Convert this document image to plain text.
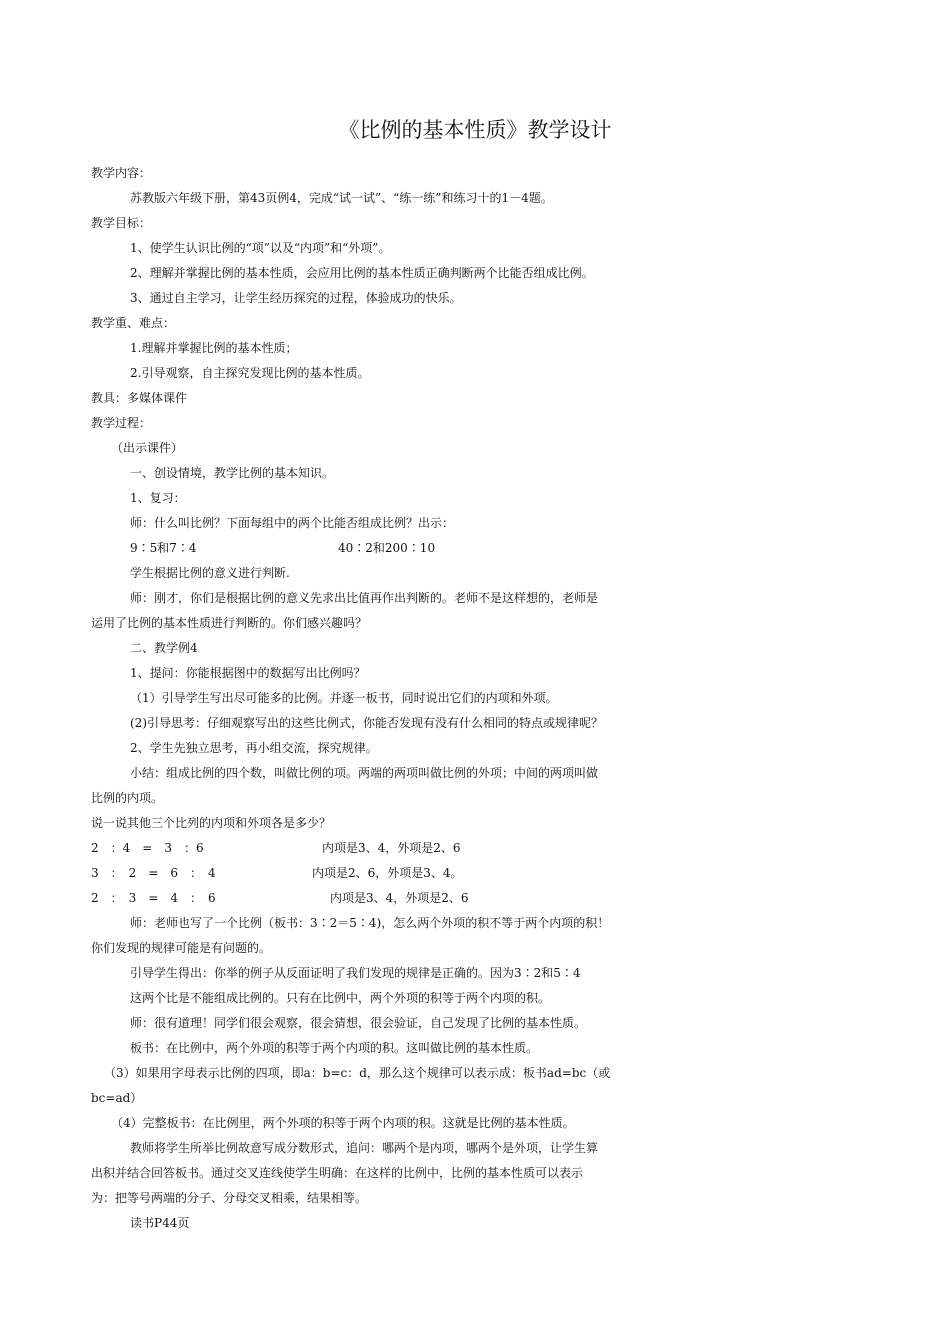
《比例的基本性质》教学设计
教学内容：
苏教版六年级下册，第43页例4，完成“试一试”、“练一练”和练习十的1－4题。
教学目标：
1、使学生认识比例的“项”以及“内项”和“外项”。
2、理解并掌握比例的基本性质，会应用比例的基本性质正确判断两个比能否组成比例。
3、通过自主学习，让学生经历探究的过程，体验成功的快乐。
教学重、难点：
1.理解并掌握比例的基本性质；
2.引导观察，自主探究发现比例的基本性质。
教具：多媒体课件
教学过程：
（出示课件）
一、创设情境，教学比例的基本知识。
1、复习：
师：什么叫比例？下面每组中的两个比能否组成比例？出示：
9∶5和7∶4	40∶2和200∶10
学生根据比例的意义进行判断.
师：刚才，你们是根据比例的意义先求出比值再作出判断的。老师不是这样想的，老师是
运用了比例的基本性质进行判断的。你们感兴趣吗？
二、教学例4
1、提问：你能根据图中的数据写出比例吗？
（1）引导学生写出尽可能多的比例。并逐一板书，同时说出它们的内项和外项。
(2)引导思考：仔细观察写出的这些比例式，你能否发现有没有什么相同的特点或规律呢？
2、学生先独立思考，再小组交流，探究规律。
小结：组成比例的四个数，叫做比例的项。两端的两项叫做比例的外项；中间的两项叫做
比例的内项。
说一说其他三个比列的内项和外项各是多少？
2　：4　=　3　：6	内项是3、4，外项是2、6
3　：　2　=　6　：　4	内项是2、6，外项是3、4。
2　：　3　=　4　：　6	内项是3、4，外项是2、6
师：老师也写了一个比例（板书：3∶2＝5∶4)，怎么两个外项的积不等于两个内项的积！
你们发现的规律可能是有问题的。
引导学生得出：你举的例子从反面证明了我们发现的规律是正确的。因为3∶2和5∶4
这两个比是不能组成比例的。只有在比例中，两个外项的积等于两个内项的积。
师：很有道理！同学们很会观察，很会猜想，很会验证，自己发现了比例的基本性质。
板书：在比例中，两个外项的积等于两个内项的积。这叫做比例的基本性质。
（3）如果用字母表示比例的四项，即a：b=c：d，那么这个规律可以表示成：板书ad=bc（或
bc=ad）
（4）完整板书：在比例里，两个外项的积等于两个内项的积。这就是比例的基本性质。
教师将学生所举比例故意写成分数形式，追问：哪两个是内项，哪两个是外项，让学生算
出积并结合回答板书。通过交叉连线使学生明确：在这样的比例中，比例的基本性质可以表示
为：把等号两端的分子、分母交叉相乘，结果相等。
读书P44页
